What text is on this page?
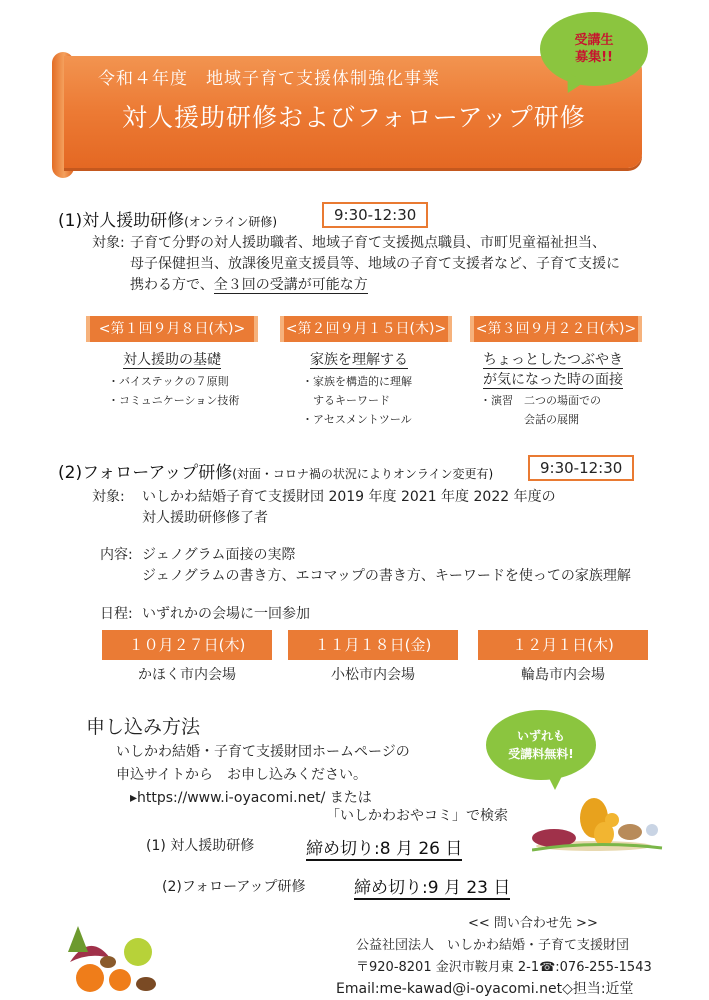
令和４年度　地域子育て支援体制強化事業
対人援助研修およびフォローアップ研修
受講生
募集!!
(1)対人援助研修(オンライン研修)	9:30-12:30
対象: 子育て分野の対人援助職者、地域子育て支援拠点職員、市町児童福祉担当、
母子保健担当、放課後児童支援員等、地域の子育て支援者など、子育て支援に
携わる方で、全３回の受講が可能な方
<第１回９月８日(木)>	<第２回９月１５日(木)>	<第３回９月２２日(木)>
対人援助の基礎
・バイステックの７原則
・コミュニケーション技術
家族を理解する
・家族を構造的に理解
　するキーワード
・アセスメントツール
ちょっとしたつぶやき
が気になった時の面接
・演習　二つの場面での
　　　　会話の展開
(2)フォローアップ研修(対面・コロナ禍の状況によりオンライン変更有)	9:30-12:30
対象: いしかわ結婚子育て支援財団 2019 年度 2021 年度 2022 年度の
対人援助研修修了者
内容: ジェノグラム面接の実際
ジェノグラムの書き方、エコマップの書き方、キーワードを使っての家族理解
日程: いずれかの会場に一回参加
１０月２７日(木)	１１月１８日(金)	１２月１日(木)
かほく市内会場	小松市内会場	輪島市内会場
申し込み方法
いしかわ結婚・子育て支援財団ホームページの
申込サイトから　お申し込みください。
▸https://www.i-oyacomi.net/ または
「いしかわおやコミ」で検索
いずれも
受講料無料!
(1) 対人援助研修	締め切り:8 月 26 日
(2)フォローアップ研修	締め切り:9 月 23 日
<< 問い合わせ先 >>
公益社団法人　いしかわ結婚・子育て支援財団
〒920-8201 金沢市鞍月東 2-1☎:076-255-1543
Email:me-kawad@i-oyacomi.net◇担当:近堂
